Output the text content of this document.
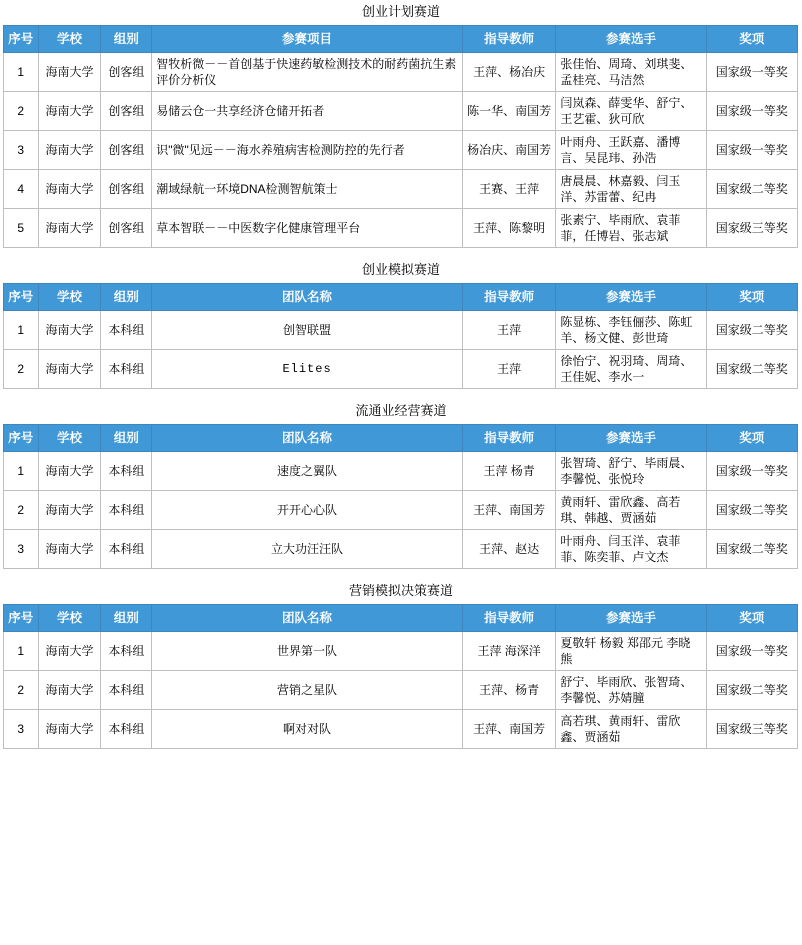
创业计划赛道
序号	学校	组别	参赛项目	指导教师	参赛选手	奖项
1	海南大学	创客组	智牧析微－－首创基于快速药敏检测技术的耐药菌抗生素评价分析仪	王萍、杨冶庆	张佳怡、周琦、刘琪斐、孟桂亮、马洁然	国家级一等奖
2	海南大学	创客组	易储云仓一共享经济仓储开拓者	陈一华、南国芳	闫岚森、薛雯华、舒宁、王艺霍、狄可欣	国家级一等奖
3	海南大学	创客组	识"微"见远－－海水养殖病害检测防控的先行者	杨冶庆、南国芳	叶雨舟、王跃嘉、潘博言、吴昆玮、孙浩	国家级一等奖
4	海南大学	创客组	潮域绿航一环境DNA检测智航策士	王赛、王萍	唐晨晨、林嘉毅、闫玉洋、苏雷蕾、纪冉	国家级二等奖
5	海南大学	创客组	草本智联－－中医数字化健康管理平台	王萍、陈黎明	张素宁、毕雨欣、袁菲菲，任博岩、张志斌	国家级三等奖
创业模拟赛道
序号	学校	组别	团队名称	指导教师	参赛选手	奖项
1	海南大学	本科组	创智联盟	王萍	陈显栋、李钰俪莎、陈虹羊、杨文健、彭世琦	国家级二等奖
2	海南大学	本科组	Elites	王萍	徐怡宁、祝羽琦、周琦、王佳妮、李水一	国家级二等奖
流通业经营赛道
序号	学校	组别	团队名称	指导教师	参赛选手	奖项
1	海南大学	本科组	速度之翼队	王萍 杨青	张智琦、舒宁、毕雨晨、李馨悦、张悦玲	国家级一等奖
2	海南大学	本科组	开开心心队	王萍、南国芳	黄雨轩、雷欣鑫、高若琪、韩越、贾涵茹	国家级二等奖
3	海南大学	本科组	立大功汪汪队	王萍、赵达	叶雨舟、闫玉洋、袁菲菲、陈奕菲、卢文杰	国家级二等奖
营销模拟决策赛道
序号	学校	组别	团队名称	指导教师	参赛选手	奖项
1	海南大学	本科组	世界第一队	王萍 海深洋	夏敬轩 杨毅 郑邵元 李晓熊	国家级一等奖
2	海南大学	本科组	营销之星队	王萍、杨青	舒宁、毕雨欣、张智琦、李馨悦、苏婧朣	国家级二等奖
3	海南大学	本科组	啊对对队	王萍、南国芳	高若琪、黄雨轩、雷欣鑫、贾涵茹	国家级三等奖
